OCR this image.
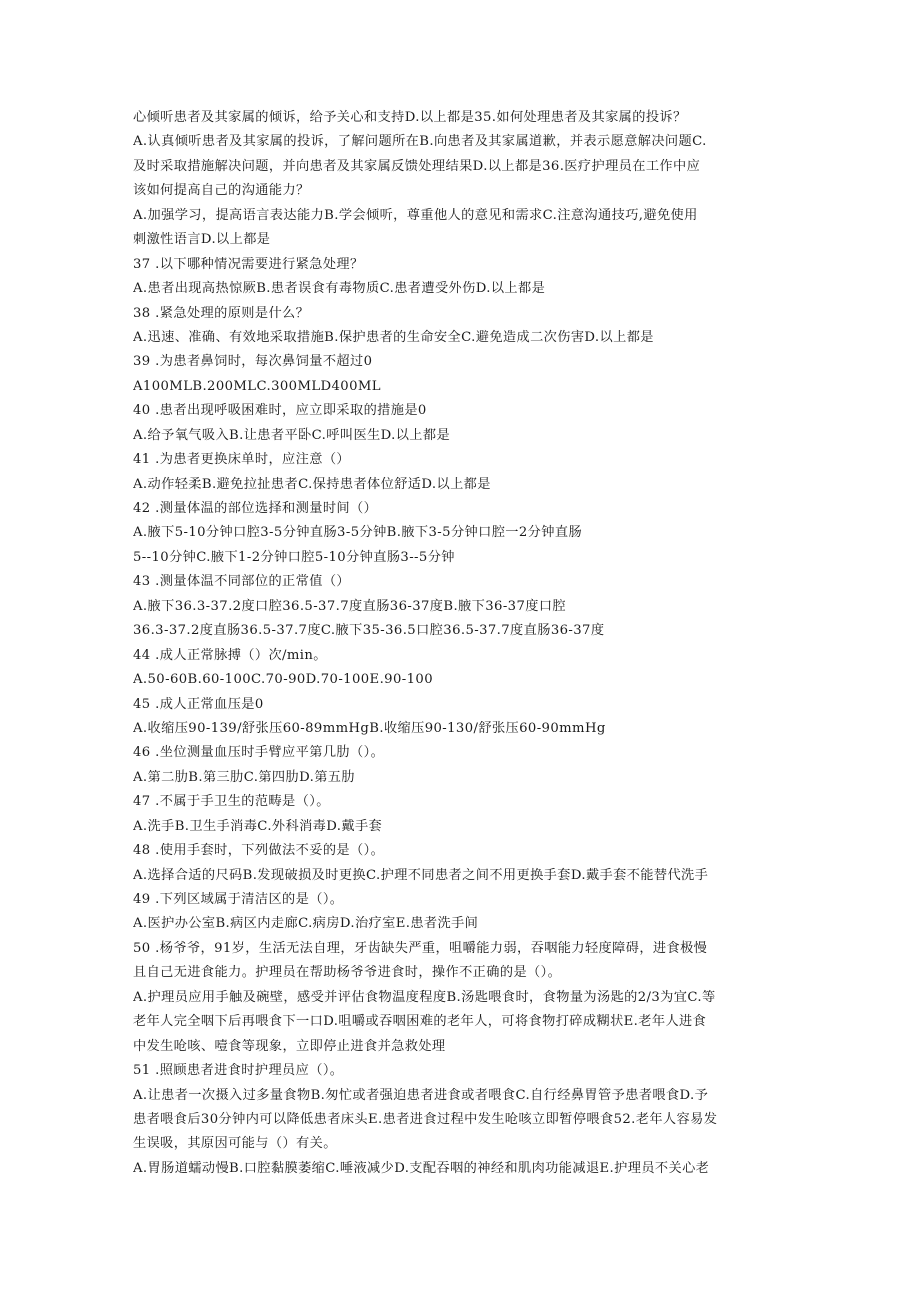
心倾听患者及其家属的倾诉，给予关心和支持D.以上都是35.如何处理患者及其家属的投诉？
A.认真倾听患者及其家属的投诉，了解问题所在B.向患者及其家属道歉，并表示愿意解决问题C.
及时采取措施解决问题，并向患者及其家属反馈处理结果D.以上都是36.医疗护理员在工作中应
该如何提高自己的沟通能力？
A.加强学习，提高语言表达能力B.学会倾听，尊重他人的意见和需求C.注意沟通技巧,避免使用
刺激性语言D.以上都是
37 .以下哪种情况需要进行紧急处理？
A.患者出现高热惊厥B.患者误食有毒物质C.患者遭受外伤D.以上都是
38 .紧急处理的原则是什么？
A.迅速、准确、有效地采取措施B.保护患者的生命安全C.避免造成二次伤害D.以上都是
39 .为患者鼻饲时，每次鼻饲量不超过0
A100MLB.200MLC.300MLD400ML
40 .患者出现呼吸困难时，应立即采取的措施是0
A.给予氧气吸入B.让患者平卧C.呼叫医生D.以上都是
41 .为患者更换床单时，应注意（）
A.动作轻柔B.避免拉扯患者C.保持患者体位舒适D.以上都是
42 .测量体温的部位选择和测量时间（）
A.腋下5-10分钟口腔3-5分钟直肠3-5分钟B.腋下3-5分钟口腔一2分钟直肠
5--10分钟C.腋下1-2分钟口腔5-10分钟直肠3--5分钟
43 .测量体温不同部位的正常值（）
A.腋下36.3-37.2度口腔36.5-37.7度直肠36-37度B.腋下36-37度口腔
36.3-37.2度直肠36.5-37.7度C.腋下35-36.5口腔36.5-37.7度直肠36-37度
44 .成人正常脉搏（）次/min。
A.50-60B.60-100C.70-90D.70-100E.90-100
45 .成人正常血压是0
A.收缩压90-139/舒张压60-89mmHgB.收缩压90-130/舒张压60-90mmHg
46 .坐位测量血压时手臂应平第几肋（）。
A.第二肋B.第三肋C.第四肋D.第五肋
47 .不属于手卫生的范畴是（）。
A.洗手B.卫生手消毒C.外科消毒D.戴手套
48 .使用手套时，下列做法不妥的是（）。
A.选择合适的尺码B.发现破损及时更换C.护理不同患者之间不用更换手套D.戴手套不能替代洗手
49 .下列区域属于清洁区的是（）。
A.医护办公室B.病区内走廊C.病房D.治疗室E.患者洗手间
50 .杨爷爷，91岁，生活无法自理，牙齿缺失严重，咀嚼能力弱，吞咽能力轻度障碍，进食极慢
且自己无进食能力。护理员在帮助杨爷爷进食时，操作不正确的是（）。
A.护理员应用手触及碗壁，感受并评估食物温度程度B.汤匙喂食时，食物量为汤匙的2/3为宜C.等
老年人完全咽下后再喂食下一口D.咀嚼或吞咽困难的老年人，可将食物打碎成糊状E.老年人进食
中发生呛咳、噎食等现象，立即停止进食并急救处理
51 .照顾患者进食时护理员应（）。
A.让患者一次摄入过多量食物B.匆忙或者强迫患者进食或者喂食C.自行经鼻胃管予患者喂食D.予
患者喂食后30分钟内可以降低患者床头E.患者进食过程中发生呛咳立即暂停喂食52.老年人容易发
生误吸，其原因可能与（）有关。
A.胃肠道蠕动慢B.口腔黏膜萎缩C.唾液减少D.支配吞咽的神经和肌肉功能减退E.护理员不关心老
